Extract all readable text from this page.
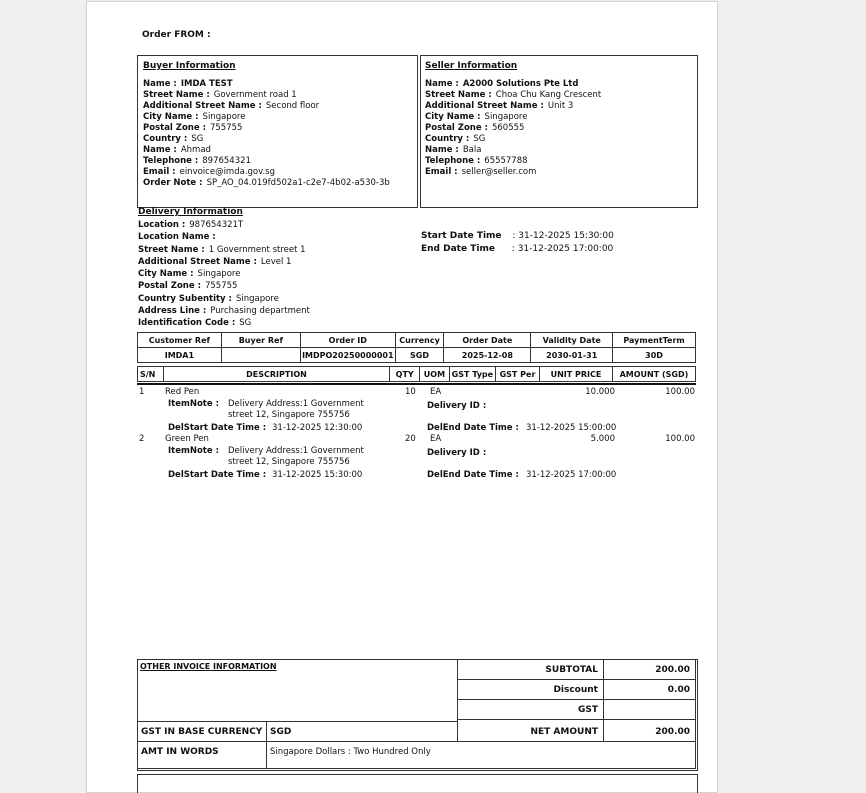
Order FROM :
Buyer Information
Name : IMDA TEST
Street Name : Government road 1
Additional Street Name : Second floor
City Name : Singapore
Postal Zone : 755755
Country : SG
Name : Ahmad
Telephone : 897654321
Email : einvoice@imda.gov.sg
Order Note : SP_AO_04.019fd502a1-c2e7-4b02-a530-3b
Seller Information
Name : A2000 Solutions Pte Ltd
Street Name : Choa Chu Kang Crescent
Additional Street Name : Unit 3
City Name : Singapore
Postal Zone : 560555
Country : SG
Name : Bala
Telephone : 65557788
Email : seller@seller.com
Delivery Information
Location : 987654321T
Location Name :
Street Name : 1 Government street 1
Additional Street Name : Level 1
City Name : Singapore
Postal Zone : 755755
Country Subentity : Singapore
Address Line : Purchasing department
Identification Code : SG
Start Date Time : 31-12-2025 15:30:00
End Date Time : 31-12-2025 17:00:00
Customer Ref	Buyer Ref	Order ID	Currency	Order Date	Validity Date	PaymentTerm
IMDA1		IMDPO20250000001	SGD	2025-12-08	2030-01-31	30D
S/N	DESCRIPTION	QTY	UOM	GST Type	GST Per	UNIT PRICE	AMOUNT (SGD)
1 Red Pen	10 EA	10.000	100.00
ItemNote : Delivery Address:1 Government
street 12, Singapore 755756
Delivery ID :
DelStart Date Time : 31-12-2025 12:30:00	DelEnd Date Time : 31-12-2025 15:00:00
2 Green Pen	20 EA	5.000	100.00
ItemNote : Delivery Address:1 Government
street 12, Singapore 755756
Delivery ID :
DelStart Date Time : 31-12-2025 15:30:00	DelEnd Date Time : 31-12-2025 17:00:00
OTHER INVOICE INFORMATION	SUBTOTAL	200.00
Discount	0.00
GST
GST IN BASE CURRENCY SGD	NET AMOUNT	200.00
AMT IN WORDS	Singapore Dollars : Two Hundred Only
